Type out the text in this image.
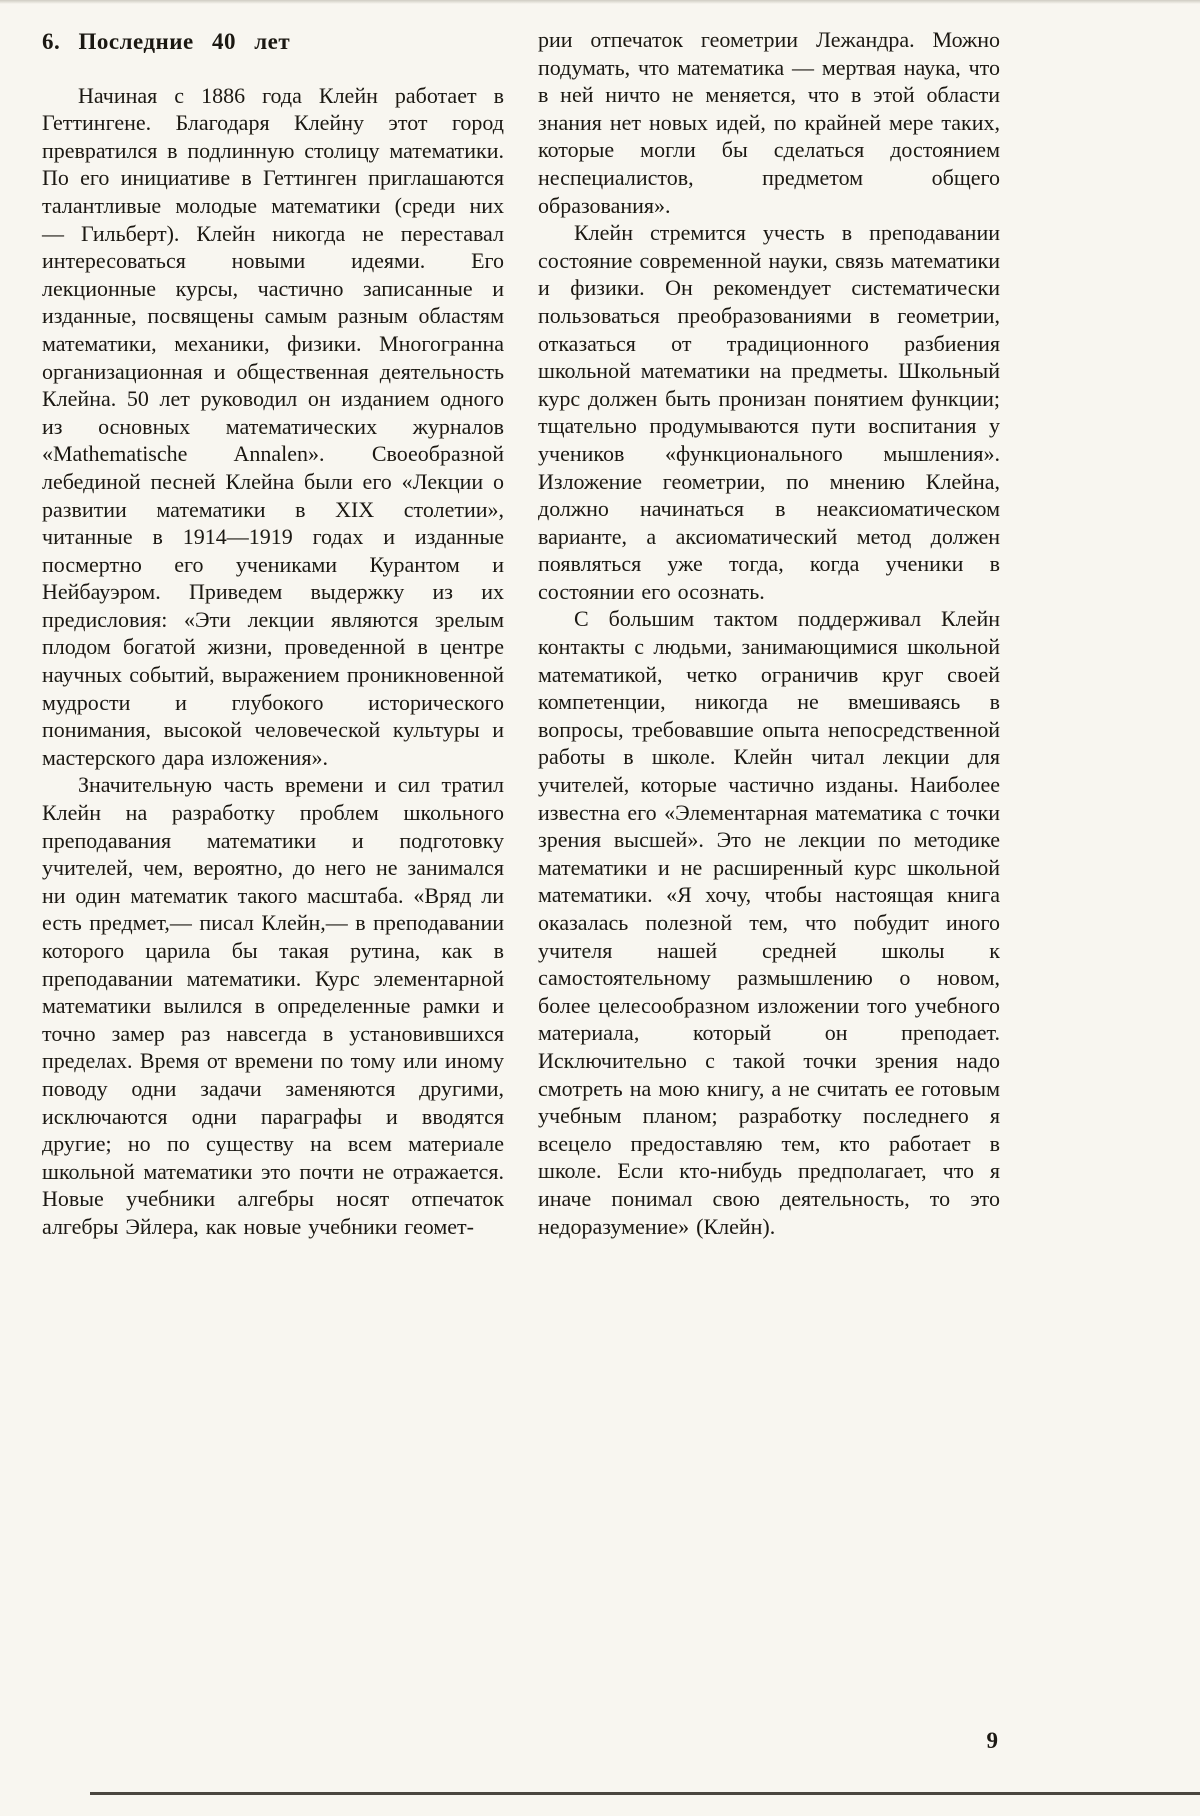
6. Последние 40 лет

Начиная с 1886 года Клейн работает в Геттингене. Благодаря Клейну этот город превратился в подлинную столицу математики. По его инициативе в Геттинген приглашаются талантливые молодые математики (среди них — Гильберт). Клейн никогда не переставал интересоваться новыми идеями. Его лекционные курсы, частично записанные и изданные, посвящены самым разным областям математики, механики, физики. Многогранна организационная и общественная деятельность Клейна. 50 лет руководил он изданием одного из основных математических журналов «Mathematische Annalen». Своеобразной лебединой песней Клейна были его «Лекции о развитии математики в XIX столетии», читанные в 1914—1919 годах и изданные посмертно его учениками Курантом и Нейбауэром. Приведем выдержку из их предисловия: «Эти лекции являются зрелым плодом богатой жизни, проведенной в центре научных событий, выражением проникновенной мудрости и глубокого исторического понимания, высокой человеческой культуры и мастерского дара изложения».

Значительную часть времени и сил тратил Клейн на разработку проблем школьного преподавания математики и подготовку учителей, чем, вероятно, до него не занимался ни один математик такого масштаба. «Вряд ли есть предмет,— писал Клейн,— в преподавании которого царила бы такая рутина, как в преподавании математики. Курс элементарной математики вылился в определенные рамки и точно замер раз навсегда в установившихся пределах. Время от времени по тому или иному поводу одни задачи заменяются другими, исключаются одни параграфы и вводятся другие; но по существу на всем материале школьной математики это почти не отражается. Новые учебники алгебры носят отпечаток алгебры Эйлера, как новые учебники геомет-

рии отпечаток геометрии Лежандра. Можно подумать, что математика — мертвая наука, что в ней ничто не меняется, что в этой области знания нет новых идей, по крайней мере таких, которые могли бы сделаться достоянием неспециалистов, предметом общего образования».

Клейн стремится учесть в преподавании состояние современной науки, связь математики и физики. Он рекомендует систематически пользоваться преобразованиями в геометрии, отказаться от традиционного разбиения школьной математики на предметы. Школьный курс должен быть пронизан понятием функции; тщательно продумываются пути воспитания у учеников «функционального мышления». Изложение геометрии, по мнению Клейна, должно начинаться в неаксиоматическом варианте, а аксиоматический метод должен появляться уже тогда, когда ученики в состоянии его осознать.

С большим тактом поддерживал Клейн контакты с людьми, занимающимися школьной математикой, четко ограничив круг своей компетенции, никогда не вмешиваясь в вопросы, требовавшие опыта непосредственной работы в школе. Клейн читал лекции для учителей, которые частично изданы. Наиболее известна его «Элементарная математика с точки зрения высшей». Это не лекции по методике математики и не расширенный курс школьной математики. «Я хочу, чтобы настоящая книга оказалась полезной тем, что побудит иного учителя нашей средней школы к самостоятельному размышлению о новом, более целесообразном изложении того учебного материала, который он преподает. Исключительно с такой точки зрения надо смотреть на мою книгу, а не считать ее готовым учебным планом; разработку последнего я всецело предоставляю тем, кто работает в школе. Если кто-нибудь предполагает, что я иначе понимал свою деятельность, то это недоразумение» (Клейн).

9
